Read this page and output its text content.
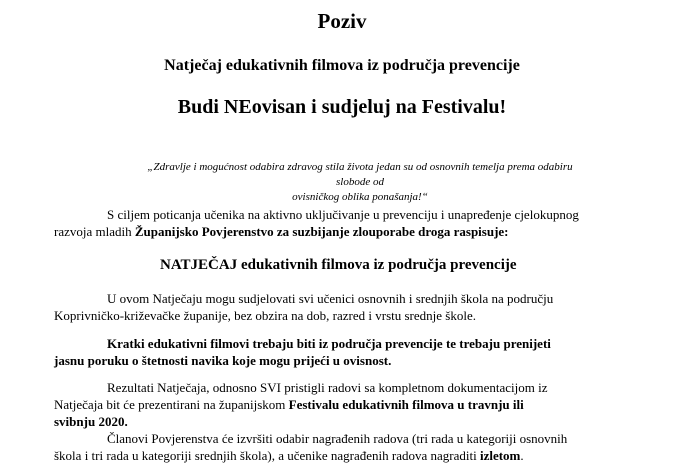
Poziv
Natječaj edukativnih filmova iz područja prevencije
Budi NEovisan i sudjeluj na Festivalu!
„Zdravlje i mogućnost odabira zdravog stila života jedan su od osnovnih temelja prema odabiru slobode od
ovisničkog oblika ponašanja!“
S ciljem poticanja učenika na aktivno uključivanje u prevenciju i unapređenje cjelokupnog
razvoja mladih Županijsko Povjerenstvo za suzbijanje zlouporabe droga raspisuje:
NATJEČAJ edukativnih filmova iz područja prevencije
U ovom Natječaju mogu sudjelovati svi učenici osnovnih i srednjih škola na području
Koprivničko-križevačke županije, bez obzira na dob, razred i vrstu srednje škole.
Kratki edukativni filmovi trebaju biti iz područja prevencije te trebaju prenijeti
jasnu poruku o štetnosti navika koje mogu prijeći u ovisnost.
Rezultati Natječaja, odnosno SVI pristigli radovi sa kompletnom dokumentacijom iz
Natječaja bit će prezentirani na županijskom Festivalu edukativnih filmova u travnju ili
svibnju 2020.
Članovi Povjerenstva će izvršiti odabir nagrađenih radova (tri rada u kategoriji osnovnih
škola i tri rada u kategoriji srednjih škola), a učenike nagrađenih radova nagraditi izletom.
